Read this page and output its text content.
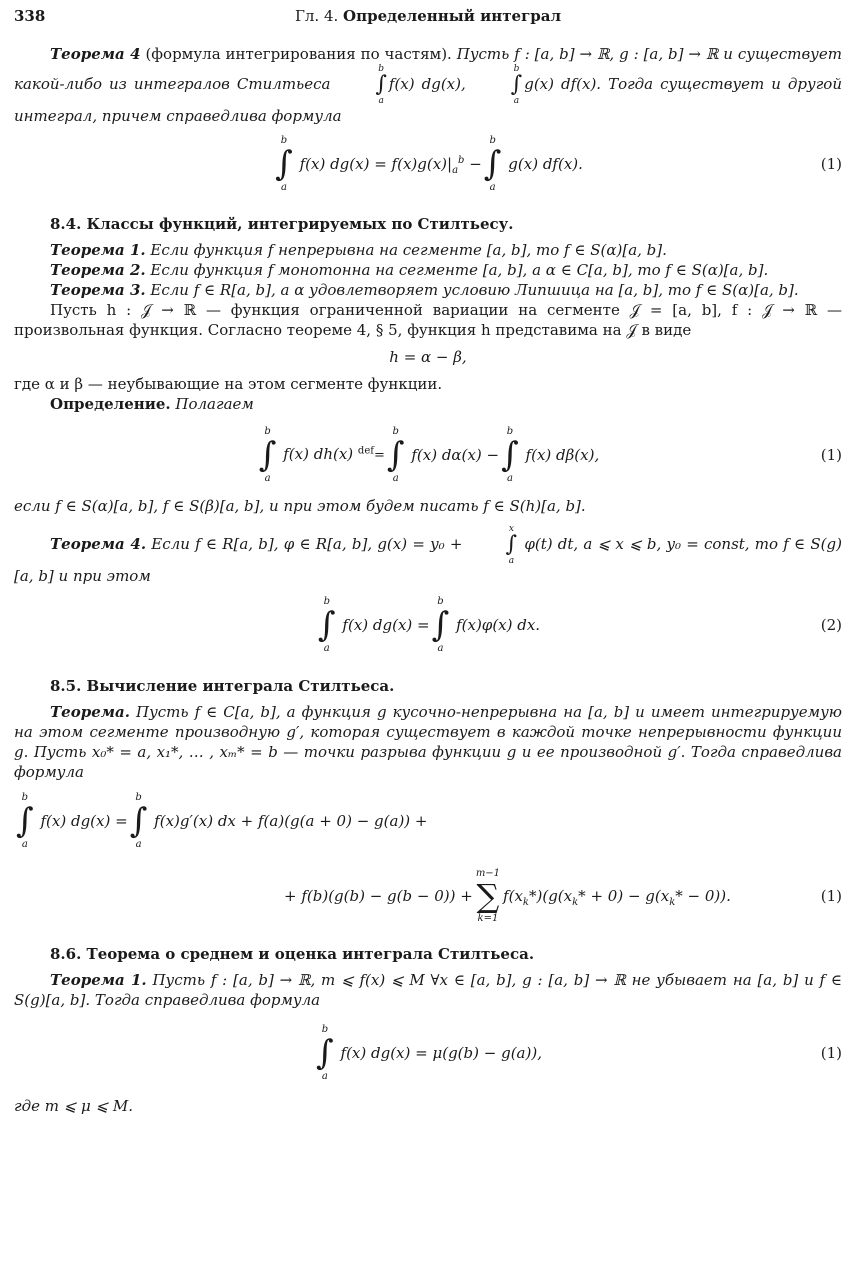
338	Гл. 4. Определенный интеграл

Теорема 4 (формула интегрирования по частям). Пусть f : [a, b] → ℝ, g : [a, b] → ℝ и существует какой-либо из интегралов Стилтьеса
b
∫
a
f(x) dg(x),
b
∫
a
g(x) df(x). Тогда существует и другой интеграл, причем справедлива формула

b
∫
a
f(x) $dg(x) = f(x)g(x)|_a^b$ −
b
∫
a
g(x) df(x).	(1)
8.4. Классы функций, интегрируемых по Стилтьесу.

Теорема 1. Если функция f непрерывна на сегменте [a, b], то f ∈ S(α)[a, b].

Теорема 2. Если функция f монотонна на сегменте [a, b], а α ∈ C[a, b], то f ∈ S(α)[a, b].

Теорема 3. Если f ∈ R[a, b], а α удовлетворяет условию Липшица на [a, b], то f ∈ S(α)[a, b].

Пусть h : 𝒥 → ℝ — функция ограниченной вариации на сегменте 𝒥 = [a, b], f : 𝒥 → ℝ — произвольная функция. Согласно теореме 4, § 5, функция h представима на 𝒥 в виде

h = α − β,

где α и β — неубывающие на этом сегменте функции.

Определение. Полагаем

b
∫
a
f(x) dh(x) $^{def}$=
b
∫
a
f(x) dα(x) −
b
∫
a
f(x) dβ(x),	(1)

если f ∈ S(α)[a, b], f ∈ S(β)[a, b], и при этом будем писать f ∈ S(h)[a, b].

Теорема 4. Если f ∈ R[a, b], φ ∈ R[a, b], g(x) = y₀ +
x
∫
a
φ(t) dt, a ⩽ x ⩽ b, y₀ = const, то f ∈ S(g)[a, b] и при этом

b
∫
a
f(x) dg(x) =
b
∫
a
f(x)φ(x) dx.	(2)
8.5. Вычисление интеграла Стилтьеса.

Теорема. Пусть f ∈ C[a, b], а функция g кусочно-непрерывна на [a, b] и имеет интегрируемую на этом сегменте производную g′, которая существует в каждой точке непрерывности функции g. Пусть x₀* = a, x₁*, … , xₘ* = b — точки разрыва функции g и ее производной g′. Тогда справедлива формула

b
∫
a
f(x) dg(x) =
b
∫
a
f(x)g′(x) dx + f(a)(g(a + 0) − g(a)) +
+ f(b)(g(b) − g(b − 0)) +
m−1
∑
k=1
$f(x_k*)(g(x_k* + 0) - g(x_k* - 0))$.	(1)
8.6. Теорема о среднем и оценка интеграла Стилтьеса.

Теорема 1. Пусть f : [a, b] → ℝ, m ⩽ f(x) ⩽ M ∀x ∈ [a, b], g : [a, b] → ℝ не убывает на [a, b] и f ∈ S(g)[a, b]. Тогда справедлива формула

b
∫
a
f(x) dg(x) = μ(g(b) − g(a)),	(1)

где m ⩽ μ ⩽ M.
